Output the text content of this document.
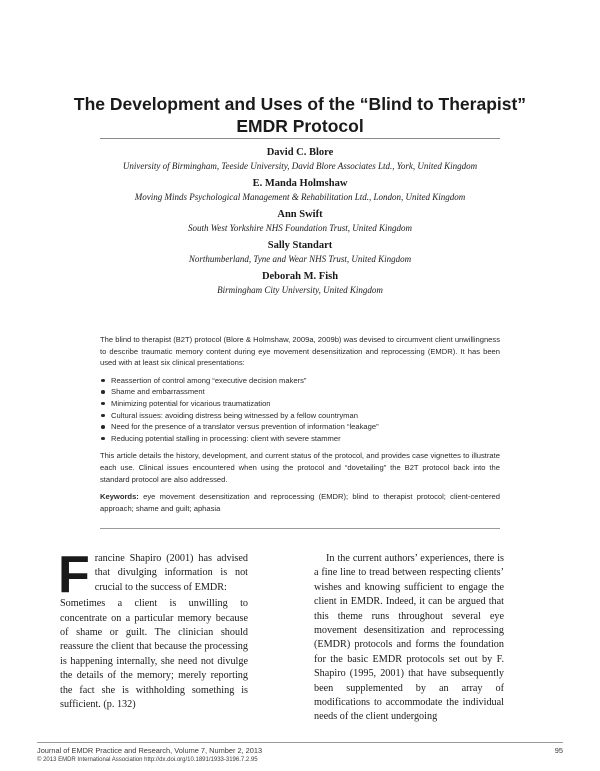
The Development and Uses of the “Blind to Therapist”
EMDR Protocol
David C. Blore
University of Birmingham, Teeside University, David Blore Associates Ltd., York, United Kingdom
E. Manda Holmshaw
Moving Minds Psychological Management & Rehabilitation Ltd., London, United Kingdom
Ann Swift
South West Yorkshire NHS Foundation Trust, United Kingdom
Sally Standart
Northumberland, Tyne and Wear NHS Trust, United Kingdom
Deborah M. Fish
Birmingham City University, United Kingdom

The blind to therapist (B2T) protocol (Blore & Holmshaw, 2009a, 2009b) was devised to circumvent client unwillingness to describe traumatic memory content during eye movement desensitization and reprocessing (EMDR). It has been used with at least six clinical presentations:

Reassertion of control among “executive decision makers”
Shame and embarrassment
Minimizing potential for vicarious traumatization
Cultural issues: avoiding distress being witnessed by a fellow countryman
Need for the presence of a translator versus prevention of information “leakage”
Reducing potential stalling in processing: client with severe stammer

This article details the history, development, and current status of the protocol, and provides case vignettes to illustrate each use. Clinical issues encountered when using the protocol and “dovetailing” the B2T protocol back into the standard protocol are also addressed.

Keywords: eye movement desensitization and reprocessing (EMDR); blind to therapist protocol; client-centered approach; shame and guilt; aphasia

Francine Shapiro (2001) has advised that divulging information is not crucial to the success of EMDR:

Sometimes a client is unwilling to concentrate on a particular memory because of shame or guilt. The clinician should reassure the client that because the processing is happening internally, she need not divulge the details of the memory; merely reporting the fact she is withholding something is sufficient. (p. 132)

In the current authors’ experiences, there is a fine line to tread between respecting clients’ wishes and knowing sufficient to engage the client in EMDR. Indeed, it can be argued that this theme runs throughout several eye movement desensitization and reprocessing (EMDR) protocols and forms the foundation for the basic EMDR protocols set out by F. Shapiro (1995, 2001) that have subsequently been supplemented by an array of modifications to accommodate the individual needs of the client undergoing

Journal of EMDR Practice and Research, Volume 7, Number 2, 2013
© 2013 EMDR International Association http://dx.doi.org/10.1891/1933-3196.7.2.95
95
